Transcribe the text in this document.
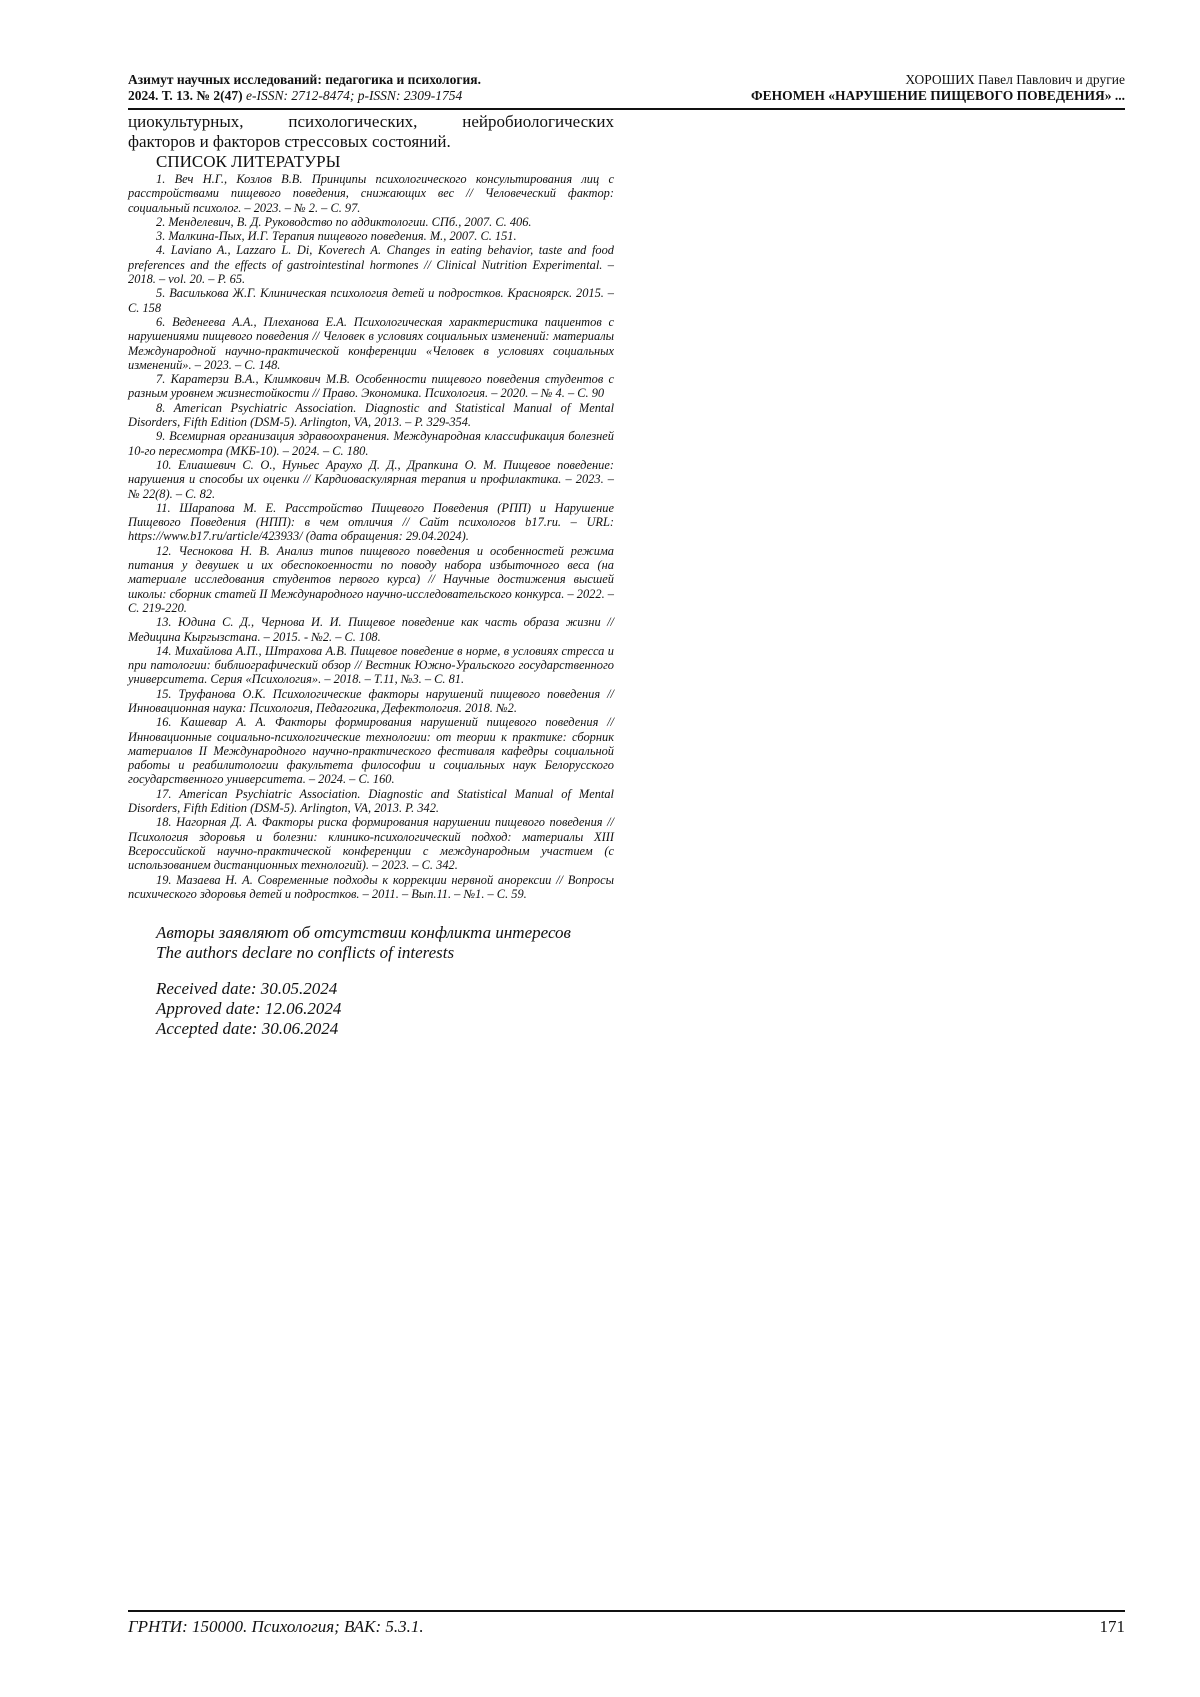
Азимут научных исследований: педагогика и психология.
2024. Т. 13. № 2(47) e-ISSN: 2712-8474; p-ISSN: 2309-1754
ХОРОШИХ Павел Павлович и другие
ФЕНОМЕН «НАРУШЕНИЕ ПИЩЕВОГО ПОВЕДЕНИЯ» ...

циокультурных, психологических, нейробиологических
факторов и факторов стрессовых состояний.

СПИСОК ЛИТЕРАТУРЫ
1. Веч Н.Г., Козлов В.В. Принципы психологического консультирования лиц с расстройствами пищевого поведения, снижающих вес // Человеческий фактор: социальный психолог. – 2023. – № 2. – С. 97.
2. Менделевич, В. Д. Руководство по аддиктологии. СПб., 2007. С. 406.
3. Малкина-Пых, И.Г. Терапия пищевого поведения. М., 2007. С. 151.
4. Laviano A., Lazzaro L. Di, Koverech A. Changes in eating behavior, taste and food preferences and the effects of gastrointestinal hormones // Clinical Nutrition Experimental. – 2018. – vol. 20. – P. 65.
5. Василькова Ж.Г. Клиническая психология детей и подростков. Красноярск. 2015. – С. 158
6. Веденеева А.А., Плеханова Е.А. Психологическая характеристика пациентов с нарушениями пищевого поведения // Человек в условиях социальных изменений: материалы Международной научно-практической конференции «Человек в условиях социальных изменений». – 2023. – С. 148.
7. Каратерзи В.А., Климкович М.В. Особенности пищевого поведения студентов с разным уровнем жизнестойкости // Право. Экономика. Психология. – 2020. – № 4. – С. 90
8. American Psychiatric Association. Diagnostic and Statistical Manual of Mental Disorders, Fifth Edition (DSM-5). Arlington, VA, 2013. – P. 329-354.
9. Всемирная организация здравоохранения. Международная классификация болезней 10-го пересмотра (МКБ-10). – 2024. – С. 180.
10. Елиашевич С. О., Нуньес Араухо Д. Д., Драпкина О. М. Пищевое поведение: нарушения и способы их оценки // Кардиоваскулярная терапия и профилактика. – 2023. – № 22(8). – С. 82.
11. Шарапова М. Е. Расстройство Пищевого Поведения (РПП) и Нарушение Пищевого Поведения (НПП): в чем отличия // Сайт психологов b17.ru. – URL: https://www.b17.ru/article/423933/ (дата обращения: 29.04.2024).
12. Чеснокова Н. В. Анализ типов пищевого поведения и особенностей режима питания у девушек и их обеспокоенности по поводу набора избыточного веса (на материале исследования студентов первого курса) // Научные достижения высшей школы: сборник статей II Международного научно-исследовательского конкурса. – 2022. – С. 219-220.
13. Юдина С. Д., Чернова И. И. Пищевое поведение как часть образа жизни // Медицина Кыргызстана. – 2015. - №2. – С. 108.
14. Михайлова А.П., Штрахова А.В. Пищевое поведение в норме, в условиях стресса и при патологии: библиографический обзор // Вестник Южно-Уральского государственного университета. Серия «Психология». – 2018. – Т.11, №3. – С. 81.
15. Труфанова О.К. Психологические факторы нарушений пищевого поведения // Инновационная наука: Психология, Педагогика, Дефектология. 2018. №2.
16. Кашевар А. А. Факторы формирования нарушений пищевого поведения // Инновационные социально-психологические технологии: от теории к практике: сборник материалов II Международного научно-практического фестиваля кафедры социальной работы и реабилитологии факультета философии и социальных наук Белорусского государственного университета. – 2024. – С. 160.
17. American Psychiatric Association. Diagnostic and Statistical Manual of Mental Disorders, Fifth Edition (DSM-5). Arlington, VA, 2013. P. 342.
18. Нагорная Д. А. Факторы риска формирования нарушении пищевого поведения // Психология здоровья и болезни: клинико-психологический подход: материалы XIII Всероссийской научно-практической конференции с международным участием (с использованием дистанционных технологий). – 2023. – С. 342.
19. Мазаева Н. А. Современные подходы к коррекции нервной анорексии // Вопросы психического здоровья детей и подростков. – 2011. – Вып.11. – №1. – С. 59.

Авторы заявляют об отсутствии конфликта интересов

The authors declare no conflicts of interests

Received date: 30.05.2024

Approved date: 12.06.2024

Accepted date: 30.06.2024

ГРНТИ: 150000. Психология; ВАК: 5.3.1.	171
